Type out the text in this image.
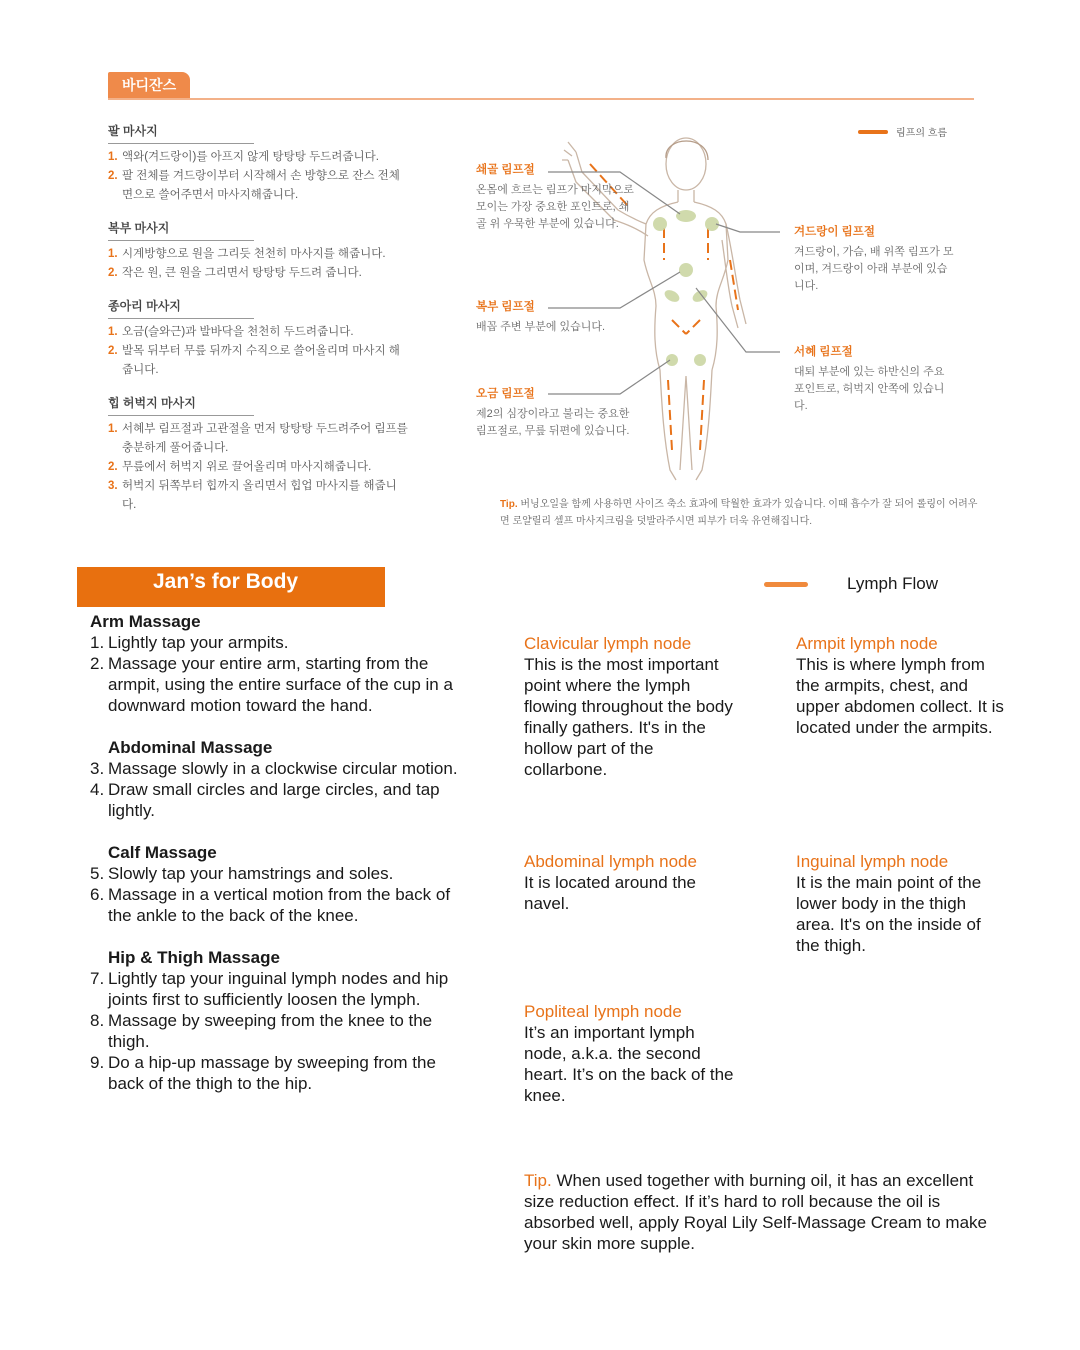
바디잔스
팔 마사지
1. 액와(겨드랑이)를 아프지 않게 탕탕탕 두드려줍니다.
2. 팔 전체를 겨드랑이부터 시작해서 손 방향으로 잔스 전체면으로 쓸어주면서 마사지해줍니다.
복부 마사지
1. 시계방향으로 원을 그리듯 천천히 마사지를 해줍니다.
2. 작은 원, 큰 원을 그리면서 탕탕탕 두드려 줍니다.
종아리 마사지
1. 오금(슬와근)과 발바닥을 천천히 두드려줍니다.
2. 발목 뒤부터 무릎 뒤까지 수직으로 쓸어올리며 마사지 해줍니다.
힙 허벅지 마사지
1. 서혜부 림프절과 고관절을 먼저 탕탕탕 두드려주어 림프를 충분하게 풀어줍니다.
2. 무릎에서 허벅지 위로 끌어올리며 마사지해줍니다.
3. 허벅지 뒤쪽부터 힙까지 올리면서 힙업 마사지를 해줍니다.
림프의 흐름
쇄골 림프절
온몸에 흐르는 림프가 마지막으로 모이는 가장 중요한 포인트로, 쇄골 위 우묵한 부분에 있습니다.
복부 림프절
배꼽 주변 부분에 있습니다.
오금 림프절
제2의 심장이라고 불리는 중요한 림프절로, 무릎 뒤편에 있습니다.
겨드랑이 림프절
겨드랑이, 가슴, 배 위쪽 림프가 모이며, 겨드랑이 아래 부분에 있습니다.
서혜 림프절
대퇴 부분에 있는 하반신의 주요 포인트로, 허벅지 안쪽에 있습니다.
Tip. 버닝오일을 함께 사용하면 사이즈 축소 효과에 탁월한 효과가 있습니다. 이때 흡수가 잘 되어 롤링이 어려우면 로얄릴리 셀프 마사지크림을 덧발라주시면 피부가 더욱 유연해집니다.
Jan’s for Body	Lymph Flow
Arm Massage
1. Lightly tap your armpits.
2. Massage your entire arm, starting from the armpit, using the entire surface of the cup in a downward motion toward the hand.
Abdominal Massage
3. Massage slowly in a clockwise circular motion.
4. Draw small circles and large circles, and tap lightly.
Calf Massage
5. Slowly tap your hamstrings and soles.
6. Massage in a vertical motion from the back of the ankle to the back of the knee.
Hip & Thigh Massage
7. Lightly tap your inguinal lymph nodes and hip joints first to sufficiently loosen the lymph.
8. Massage by sweeping from the knee to the thigh.
9. Do a hip-up massage by sweeping from the back of the thigh to the hip.
Clavicular lymph node
This is the most important point where the lymph flowing throughout the body finally gathers. It's in the hollow part of the collarbone.
Armpit lymph node
This is where lymph from the armpits, chest, and upper abdomen collect. It is located under the armpits.
Abdominal lymph node
It is located around the navel.
Inguinal lymph node
It is the main point of the lower body in the thigh area. It's on the inside of the thigh.
Popliteal lymph node
It’s an important lymph node, a.k.a. the second heart. It’s on the back of the knee.
Tip. When used together with burning oil, it has an excellent size reduction effect. If it’s hard to roll because the oil is absorbed well, apply Royal Lily Self-Massage Cream to make your skin more supple.
